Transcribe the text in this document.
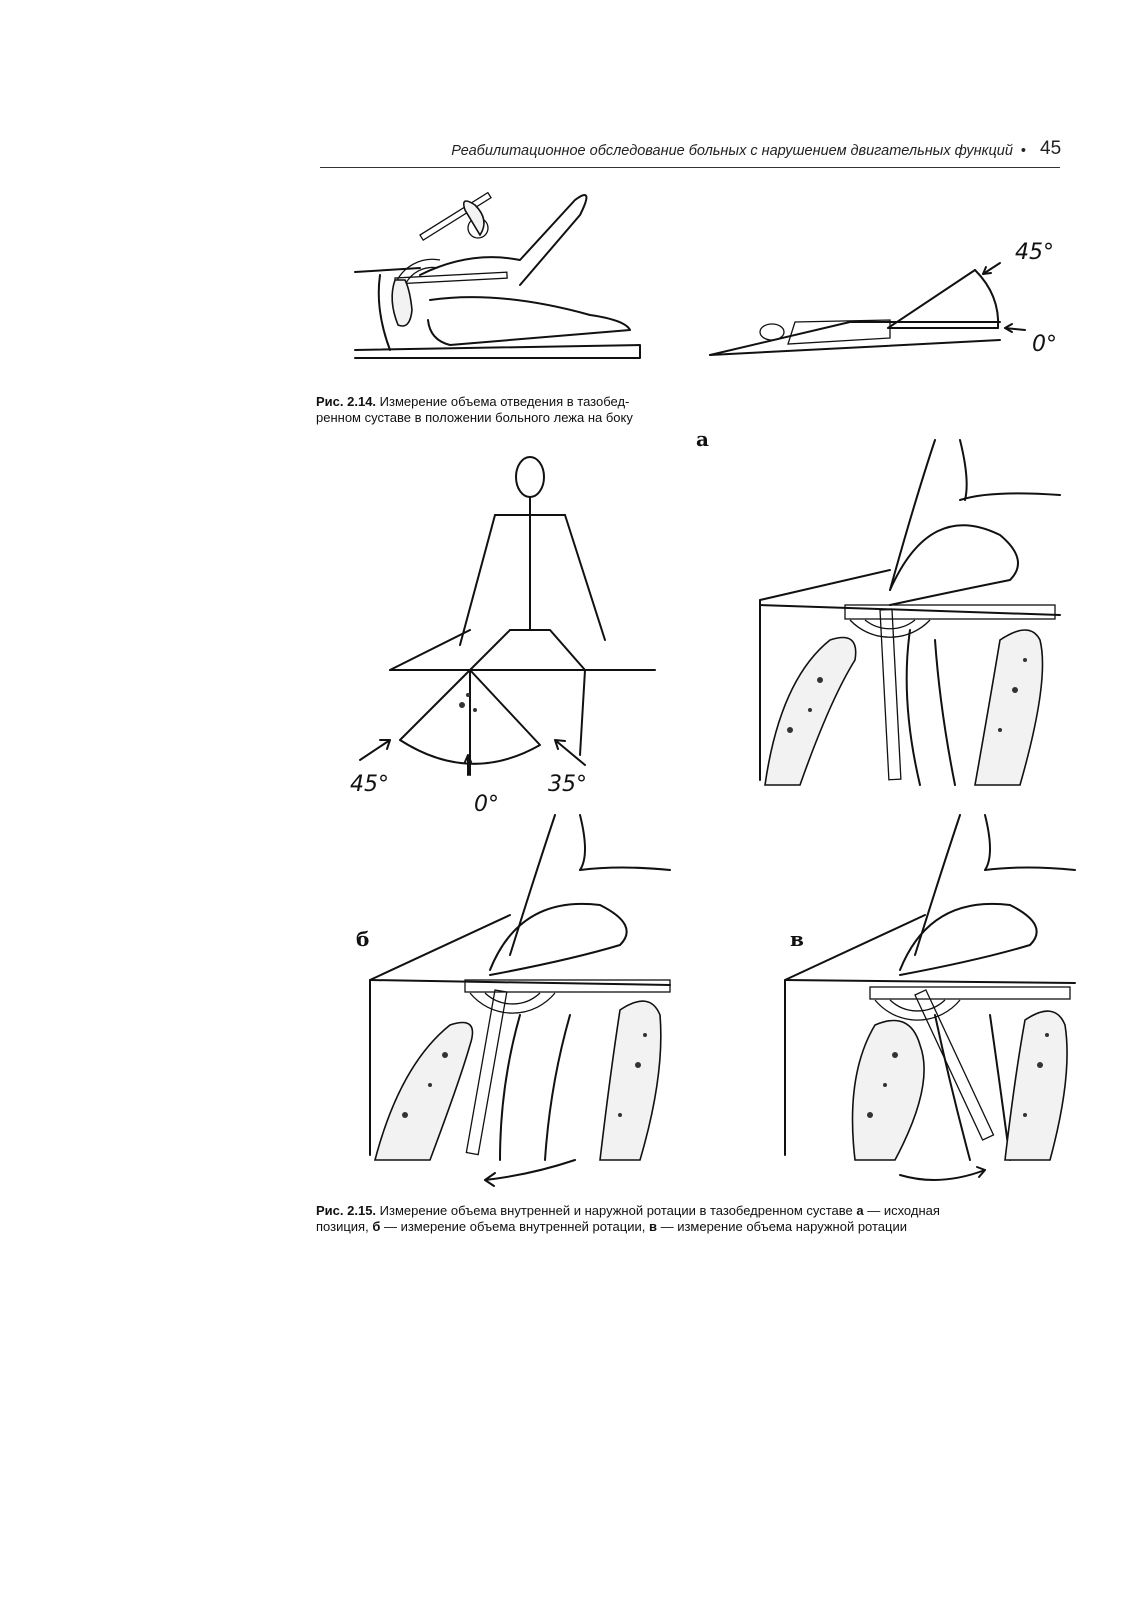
Реабилитационное обследование больных с нарушением двигательных функций • 45
45°
0°
Рис. 2.14. Измерение объема отведения в тазобед-
ренном суставе в положении больного лежа на боку
45°
0°
35°
а
б	в
Рис. 2.15. Измерение объема внутренней и наружной ротации в тазобедренном суставе а — исходная
позиция, б — измерение объема внутренней ротации, в — измерение объема наружной ротации
